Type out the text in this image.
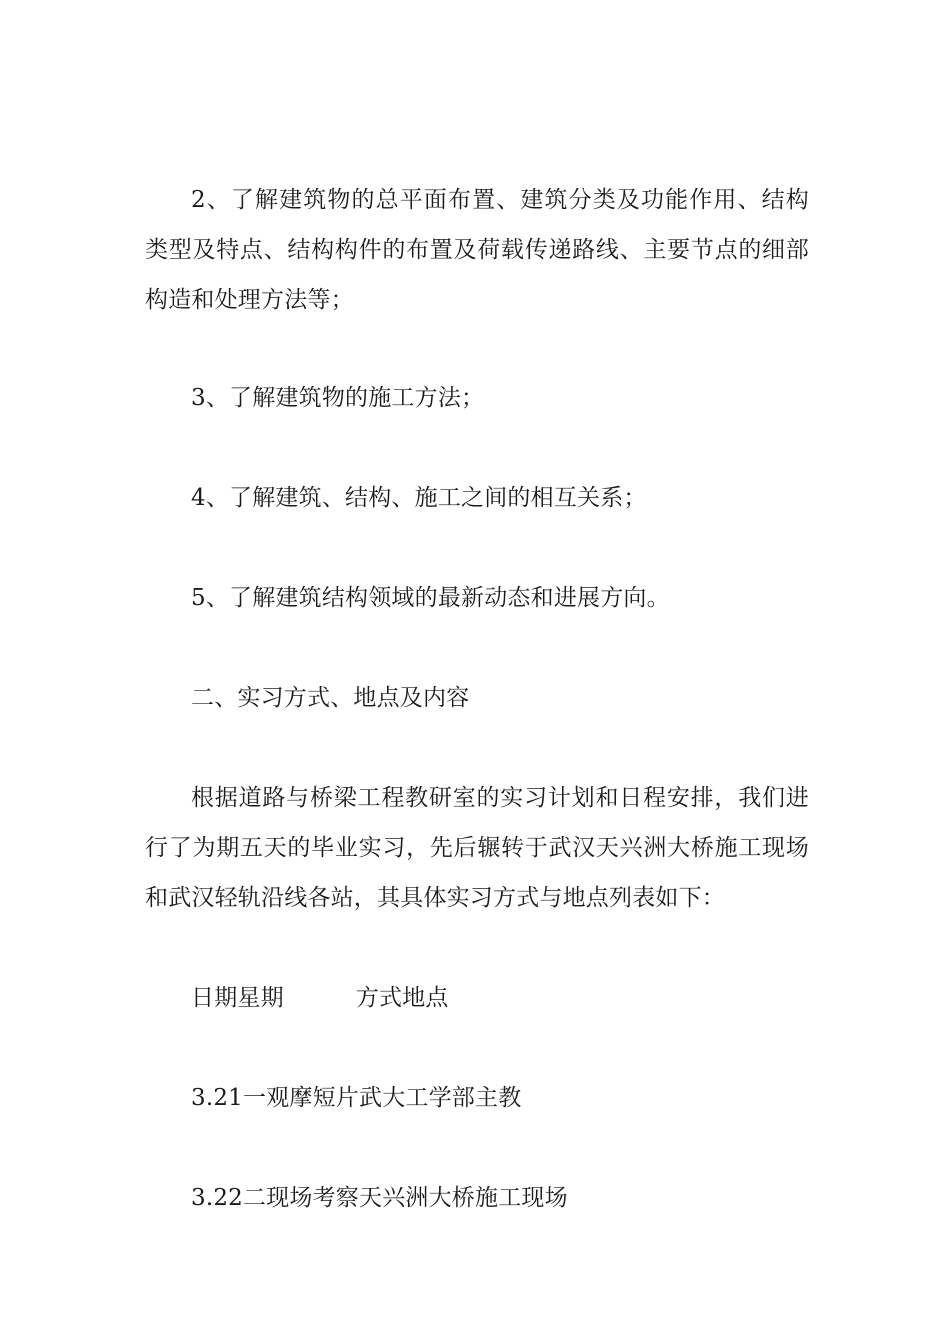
2、了解建筑物的总平面布置、建筑分类及功能作用、结构类型及特点、结构构件的布置及荷载传递路线、主要节点的细部构造和处理方法等；

3、了解建筑物的施工方法；

4、了解建筑、结构、施工之间的相互关系；

5、了解建筑结构领域的最新动态和进展方向。

二、实习方式、地点及内容

根据道路与桥梁工程教研室的实习计划和日程安排，我们进行了为期五天的毕业实习，先后辗转于武汉天兴洲大桥施工现场和武汉轻轨沿线各站，其具体实习方式与地点列表如下：

日期星期	方式地点

3.21一观摩短片武大工学部主教

3.22二现场考察天兴洲大桥施工现场
